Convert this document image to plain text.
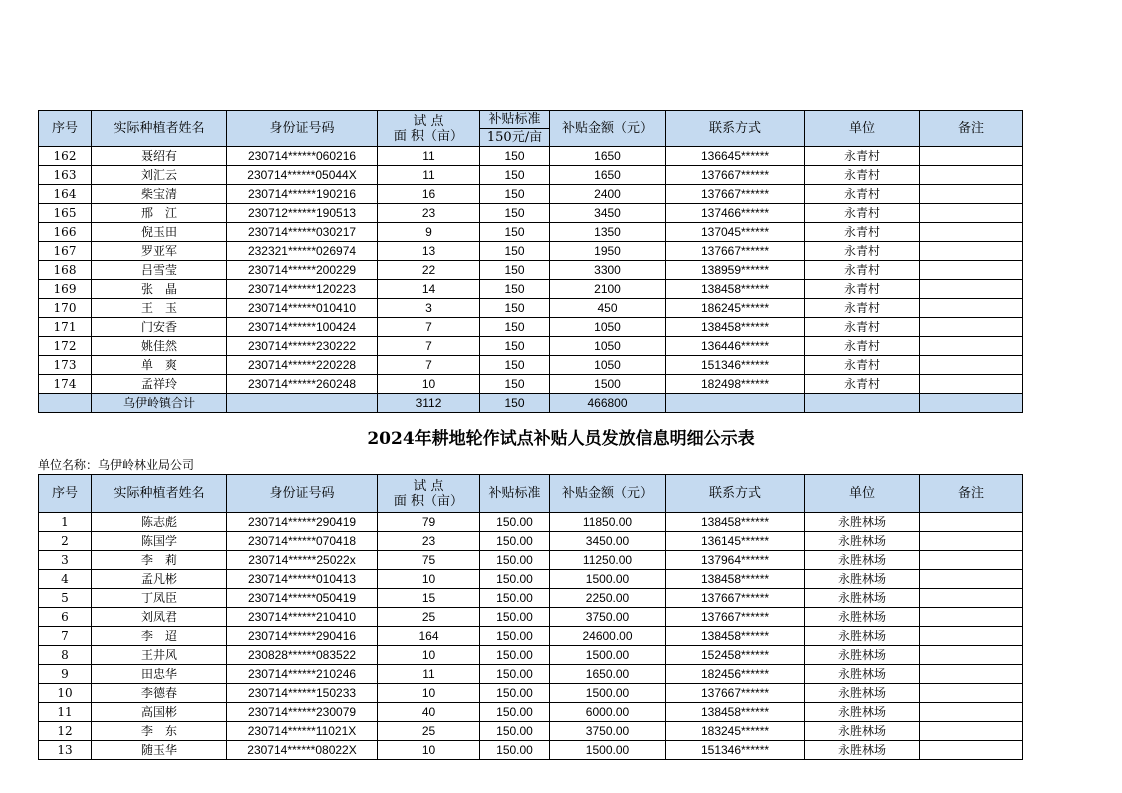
序号	实际种植者姓名	身份证号码	试 点
面 积（亩）	补贴标准	补贴金额（元）	联系方式	单位	备注
				150元/亩				
162	聂绍有	230714******060216	11	150	1650	136645******	永青村	
163	刘汇云	230714******05044X	11	150	1650	137667******	永青村	
164	柴宝清	230714******190216	16	150	2400	137667******	永青村	
165	邢　江	230712******190513	23	150	3450	137466******	永青村	
166	倪玉田	230714******030217	9	150	1350	137045******	永青村	
167	罗亚军	232321******026974	13	150	1950	137667******	永青村	
168	吕雪莹	230714******200229	22	150	3300	138959******	永青村	
169	张　晶	230714******120223	14	150	2100	138458******	永青村	
170	王　玉	230714******010410	3	150	450	186245******	永青村	
171	门安香	230714******100424	7	150	1050	138458******	永青村	
172	姚佳然	230714******230222	7	150	1050	136446******	永青村	
173	单　爽	230714******220228	7	150	1050	151346******	永青村	
174	孟祥玲	230714******260248	10	150	1500	182498******	永青村	
	乌伊岭镇合计		3112	150	466800			
2024年耕地轮作试点补贴人员发放信息明细公示表
单位名称：乌伊岭林业局公司
序号	实际种植者姓名	身份证号码	试 点
面 积（亩）	补贴标准	补贴金额（元）	联系方式	单位	备注
1	陈志彪	230714******290419	79	150.00	11850.00	138458******	永胜林场	
2	陈国学	230714******070418	23	150.00	3450.00	136145******	永胜林场	
3	李　莉	230714******25022x	75	150.00	11250.00	137964******	永胜林场	
4	孟凡彬	230714******010413	10	150.00	1500.00	138458******	永胜林场	
5	丁凤臣	230714******050419	15	150.00	2250.00	137667******	永胜林场	
6	刘凤君	230714******210410	25	150.00	3750.00	137667******	永胜林场	
7	李　迢	230714******290416	164	150.00	24600.00	138458******	永胜林场	
8	王井风	230828******083522	10	150.00	1500.00	152458******	永胜林场	
9	田忠华	230714******210246	11	150.00	1650.00	182456******	永胜林场	
10	李德春	230714******150233	10	150.00	1500.00	137667******	永胜林场	
11	高国彬	230714******230079	40	150.00	6000.00	138458******	永胜林场	
12	李　东	230714******11021X	25	150.00	3750.00	183245******	永胜林场	
13	随玉华	230714******08022X	10	150.00	1500.00	151346******	永胜林场	
